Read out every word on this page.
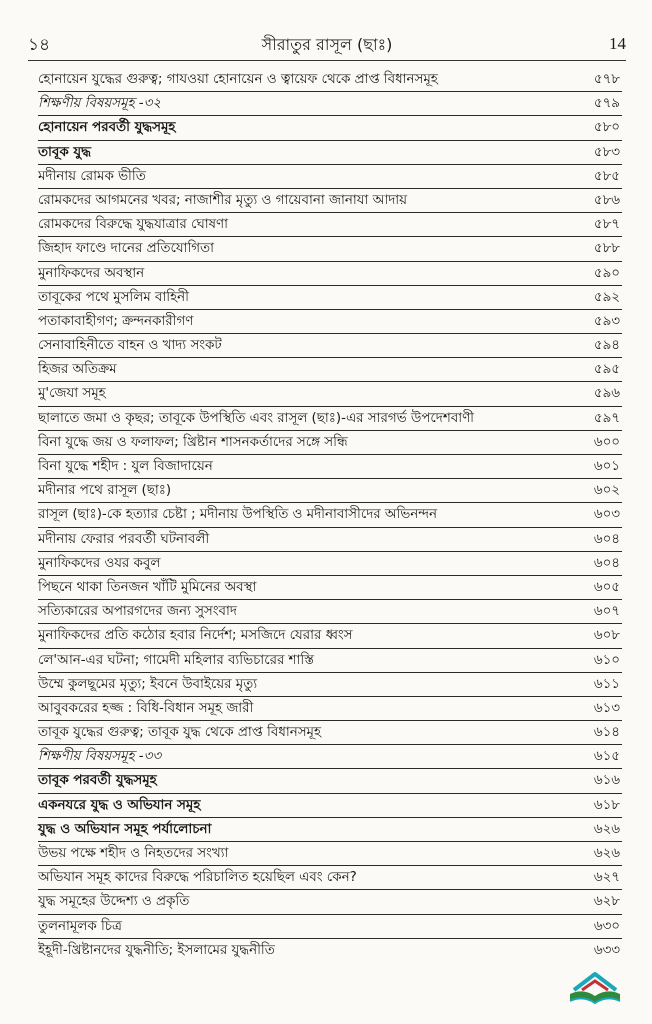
১৪	সীরাতুর রাসূল (ছাঃ)	14
হোনায়েন যুদ্ধের গুরুত্ব; গাযওয়া হোনায়েন ও ত্বায়েফ থেকে প্রাপ্ত বিধানসমূহ	৫৭৮
শিক্ষণীয় বিষয়সমূহ -৩২	৫৭৯
হোনায়েন পরবর্তী যুদ্ধসমূহ	৫৮০
তাবূক যুদ্ধ	৫৮৩
মদীনায় রোমক ভীতি	৫৮৫
রোমকদের আগমনের খবর; নাজাশীর মৃত্যু ও গায়েবানা জানাযা আদায়	৫৮৬
রোমকদের বিরুদ্ধে যুদ্ধযাত্রার ঘোষণা	৫৮৭
জিহাদ ফাণ্ডে দানের প্রতিযোগিতা	৫৮৮
মুনাফিকদের অবস্থান	৫৯০
তাবূকের পথে মুসলিম বাহিনী	৫৯২
পতাকাবাহীগণ; ক্রন্দনকারীগণ	৫৯৩
সেনাবাহিনীতে বাহন ও খাদ্য সংকট	৫৯৪
হিজর অতিক্রম	৫৯৫
মু'জেযা সমূহ	৫৯৬
ছালাতে জমা ও কৃছর; তাবূকে উপস্থিতি এবং রাসূল (ছাঃ)-এর সারগর্ভ উপদেশবাণী	৫৯৭
বিনা যুদ্ধে জয় ও ফলাফল; খ্রিষ্টান শাসনকর্তাদের সঙ্গে সন্ধি	৬০০
বিনা যুদ্ধে শহীদ : যুল বিজাদায়েন	৬০১
মদীনার পথে রাসূল (ছাঃ)	৬০২
রাসূল (ছাঃ)-কে হত্যার চেষ্টা ; মদীনায় উপস্থিতি ও মদীনাবাসীদের অভিনন্দন	৬০৩
মদীনায় ফেরার পরবর্তী ঘটনাবলী	৬০৪
মুনাফিকদের ওযর কবুল	৬০৪
পিছনে থাকা তিনজন খাঁটি মুমিনের অবস্থা	৬০৫
সত্যিকারের অপারগদের জন্য সুসংবাদ	৬০৭
মুনাফিকদের প্রতি কঠোর হবার নির্দেশ; মসজিদে যেরার ধ্বংস	৬০৮
লে'আন-এর ঘটনা; গামেদী মহিলার ব্যভিচারের শাস্তি	৬১০
উম্মে কুলছূমের মৃত্যু; ইবনে উবাইয়ের মৃত্যু	৬১১
আবুবকরের হজ্জ : বিধি-বিধান সমূহ জারী	৬১৩
তাবূক যুদ্ধের গুরুত্ব; তাবূক যুদ্ধ থেকে প্রাপ্ত বিধানসমূহ	৬১৪
শিক্ষণীয় বিষয়সমূহ -৩৩	৬১৫
তাবূক পরবর্তী যুদ্ধসমূহ	৬১৬
একনযরে যুদ্ধ ও অভিযান সমূহ	৬১৮
যুদ্ধ ও অভিযান সমূহ পর্যালোচনা	৬২৬
উভয় পক্ষে শহীদ ও নিহতদের সংখ্যা	৬২৬
অভিযান সমূহ কাদের বিরুদ্ধে পরিচালিত হয়েছিল এবং কেন?	৬২৭
যুদ্ধ সমূহের উদ্দেশ্য ও প্রকৃতি	৬২৮
তুলনামূলক চিত্র	৬৩০
ইহূদী-খ্রিষ্টানদের যুদ্ধনীতি; ইসলামের যুদ্ধনীতি	৬৩৩
